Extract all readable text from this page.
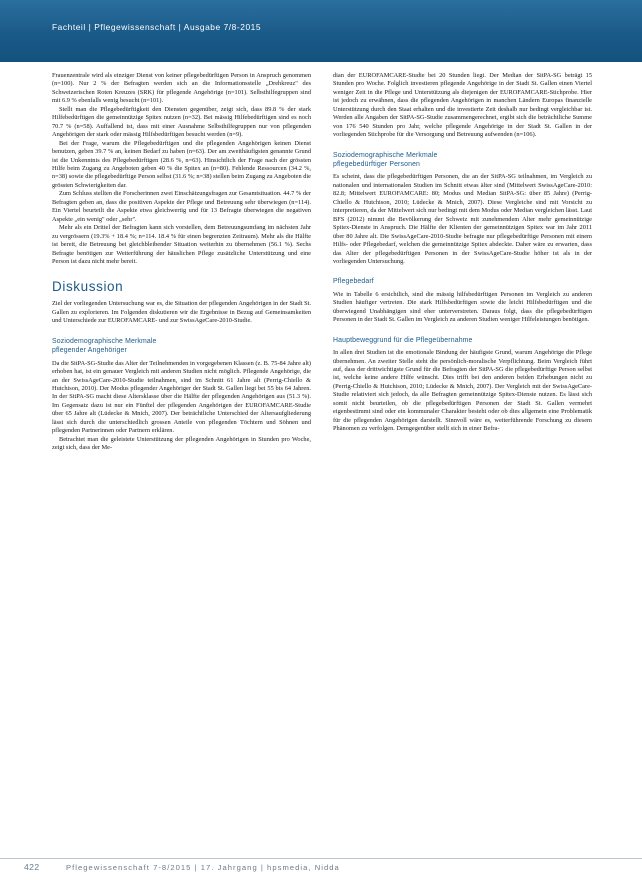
Fachteil | Pflegewissenschaft | Ausgabe 7/8-2015

Frauenzentrale wird als einziger Dienst von keiner pflegebedürftigen Person in Anspruch genommen (n=100). Nur 2 % der Befragten werden sich an die Informationsstelle „Drehkreuz" des Schweizerischen Roten Kreuzes (SRK) für pflegende Angehörige (n=101). Selbsthilfegruppen sind mit 6.9 % ebenfalls wenig besucht (n=101).

Stellt man die Pflegebedürftigkeit den Diensten gegenüber, zeigt sich, dass 89.8 % der stark Hilfebedürftigen die gemeinnützige Spitex nutzen (n=32). Bei mässig Hilfebedürftigen sind es noch 70.7 % (n=58). Auffallend ist, dass mit einer Ausnahme Selbsthilfegruppen nur von pflegenden Angehörigen der stark oder mässig Hilfsbedürftigen besucht werden (n=9).

Bei der Frage, warum die Pflegebedürftigen und die pflegenden Angehörigen keinen Dienst benutzen, geben 39.7 % an, keinen Bedarf zu haben (n=63). Der am zweithäufigsten genannte Grund ist die Unkenntnis des Pflegebedürftigen (28.6 %, n=63). Hinsichtlich der Frage nach der grössten Hilfe beim Zugang zu Angeboten geben 40 % die Spitex an (n=80). Fehlende Ressourcen (34.2 %, n=38) sowie die pflegebedürftige Person selbst (31.6 %; n=38) stellen beim Zugang zu Angeboten die grössten Schwierigkeiten dar.

Zum Schluss stellten die Forscherinnen zwei Einschätzungsfragen zur Gesamtsituation. 44.7 % der Befragten geben an, dass die positiven Aspekte der Pflege und Betreuung sehr überwiegen (n=114). Ein Viertel beurteilt die Aspekte etwa gleichwertig und für 13 Befragte überwiegen die negativen Aspekte „ein wenig" oder „sehr".

Mehr als ein Drittel der Befragten kann sich vorstellen, dem Betreuungsumfang im nächsten Jahr zu vergrössern (19.3% + 18.4 %; n=114. 18.4 % für einen begrenzten Zeitraum). Mehr als die Hälfte ist bereit, die Betreuung bei gleichbleibender Situation weiterhin zu übernehmen (56.1 %). Sechs Befragte benötigen zur Weiterführung der häuslichen Pflege zusätzliche Unterstützung und eine Person ist dazu nicht mehr bereit.

Diskussion

Ziel der vorliegenden Untersuchung war es, die Situation der pflegenden Angehörigen in der Stadt St. Gallen zu explorieren. Im Folgenden diskutieren wir die Ergebnisse in Bezug auf Gemeinsamkeiten und Unterschiede zur EUROFAMCARE- und zur SwissAgeCare-2010-Studie.

Soziodemographische Merkmale
pflegender Angehöriger

Da die SitPA-SG-Studie das Alter der Teilnehmenden in vorgegebenen Klassen (z. B. 75-84 Jahre alt) erhoben hat, ist ein genauer Vergleich mit anderen Studien nicht möglich. Pflegende Angehörige, die an der SwissAgeCare-2010-Studie teilnahmen, sind im Schnitt 61 Jahre alt (Perrig-Chiello & Hutchison, 2010). Der Modus pflegender Angehöriger der Stadt St. Gallen liegt bei 55 bis 64 Jahren. In der SitPA-SG macht diese Altersklasse über die Hälfte der pflegenden Angehörigen aus (51.3 %). Im Gegensatz dazu ist nur ein Fünftel der pflegenden Angehörigen der EUROFAMCARE-Studie über 65 Jahre alt (Lüdecke & Mnich, 2007). Der beträchtliche Unterschied der Altersaufgliederung lässt sich durch die unterschiedlich grossen Anteile von pflegenden Töchtern und Söhnen und pflegenden Partnerinnen oder Partnern erklären.

Betrachtet man die geleistete Unterstützung der pflegenden Angehörigen in Stunden pro Woche, zeigt sich, dass der Me-

dian der EUROFAMCARE-Studie bei 20 Stunden liegt. Der Median der SitPA-SG beträgt 15 Stunden pro Woche. Folglich investieren pflegende Angehörige in der Stadt St. Gallen einen Viertel weniger Zeit in die Pflege und Unterstützung als diejenigen der EUROFAMCARE-Stichprobe. Hier ist jedoch zu erwähnen, dass die pflegenden Angehörigen in manchen Ländern Europas finanzielle Unterstützung durch den Staat erhalten und die investierte Zeit deshalb nur bedingt vergleichbar ist. Werden alle Angaben der SitPA-SG-Studie zusammengerechnet, ergibt sich die beträchtliche Summe von 176 540 Stunden pro Jahr, welche pflegende Angehörige in der Stadt St. Gallen in der vorliegenden Stichprobe für die Versorgung und Betreuung aufwenden (n=106).

Soziodemographische Merkmale
pflegebedürftiger Personen

Es scheint, dass die pflegebedürftigen Personen, die an der SitPA-SG teilnahmen, im Vergleich zu nationalen und internationalen Studien im Schnitt etwas älter sind (Mittelwert SwissAgeCare-2010: 82.8; Mittelwert EUROFAMCARE: 80; Modus und Median SitPA-SG: über 85 Jahre) (Perrig-Chiello & Hutchison, 2010; Lüdecke & Mnich, 2007). Diese Vergleiche sind mit Vorsicht zu interpretieren, da der Mittelwert sich nur bedingt mit dem Modus oder Median vergleichen lässt. Laut BFS (2012) nimmt die Bevölkerung der Schweiz mit zunehmendem Alter mehr gemeinnützige Spitex-Dienste in Anspruch. Die Hälfte der Klienten der gemeinnützigen Spitex war im Jahr 2011 über 80 Jahre alt. Die SwissAgeCare-2010-Studie befragte nur pflegebedürftige Personen mit einem Hilfs- oder Pflegebedarf, welchen die gemeinnützige Spitex abdeckte. Daher wäre zu erwarten, dass das Alter der pflegebedürftigen Personen in der SwissAgeCare-Studie höher ist als in der vorliegenden Untersuchung.

Pflegebedarf

Wie in Tabelle 6 ersichtlich, sind die mässig hilfsbedürftigen Personen im Vergleich zu anderen Studien häufiger vertreten. Die stark Hilfsbedürftigen sowie die leicht Hilfsbedürftigen und die überwiegend Unabhängigen sind eher unterverstreten. Daraus folgt, dass die pflegebedürftigen Personen in der Stadt St. Gallen im Vergleich zu anderen Studien weniger Hilfeleistungen benötigen.

Hauptbeweggrund für die Pflegeübernahme

In allen drei Studien ist die emotionale Bindung der häufigste Grund, warum Angehörige die Pflege übernehmen. An zweiter Stelle steht die persönlich-moralische Verpflichtung. Beim Vergleich führt auf, dass der drittwichtigste Grund für die Befragten der SitPA-SG die pflegebedürftige Person selbst ist, welche keine andere Hilfe wünscht. Dies trifft bei den anderen beiden Erhebungen nicht zu (Perrig-Chiello & Hutchison, 2010; Lüdecke & Mnich, 2007). Der Vergleich mit der SwissAgeCare-Studie relativiert sich jedoch, da alle Befragten gemeinnützige Spitex-Dienste nutzen. Es lässt sich somit nicht beurteilen, ob die pflegebedürftigen Personen der Stadt St. Gallen vermehrt eigenbestimmt sind oder ein kommunaler Charakter besteht oder ob dies allgemein eine Problematik für die pflegenden Angehörigen darstellt. Sinnvoll wäre es, weiterführende Forschung zu diesem Phänomen zu verfolgen. Demgegenüber stellt sich in einer Befra-

422	Pflegewissenschaft 7-8/2015 | 17. Jahrgang | hpsmedia, Nidda
